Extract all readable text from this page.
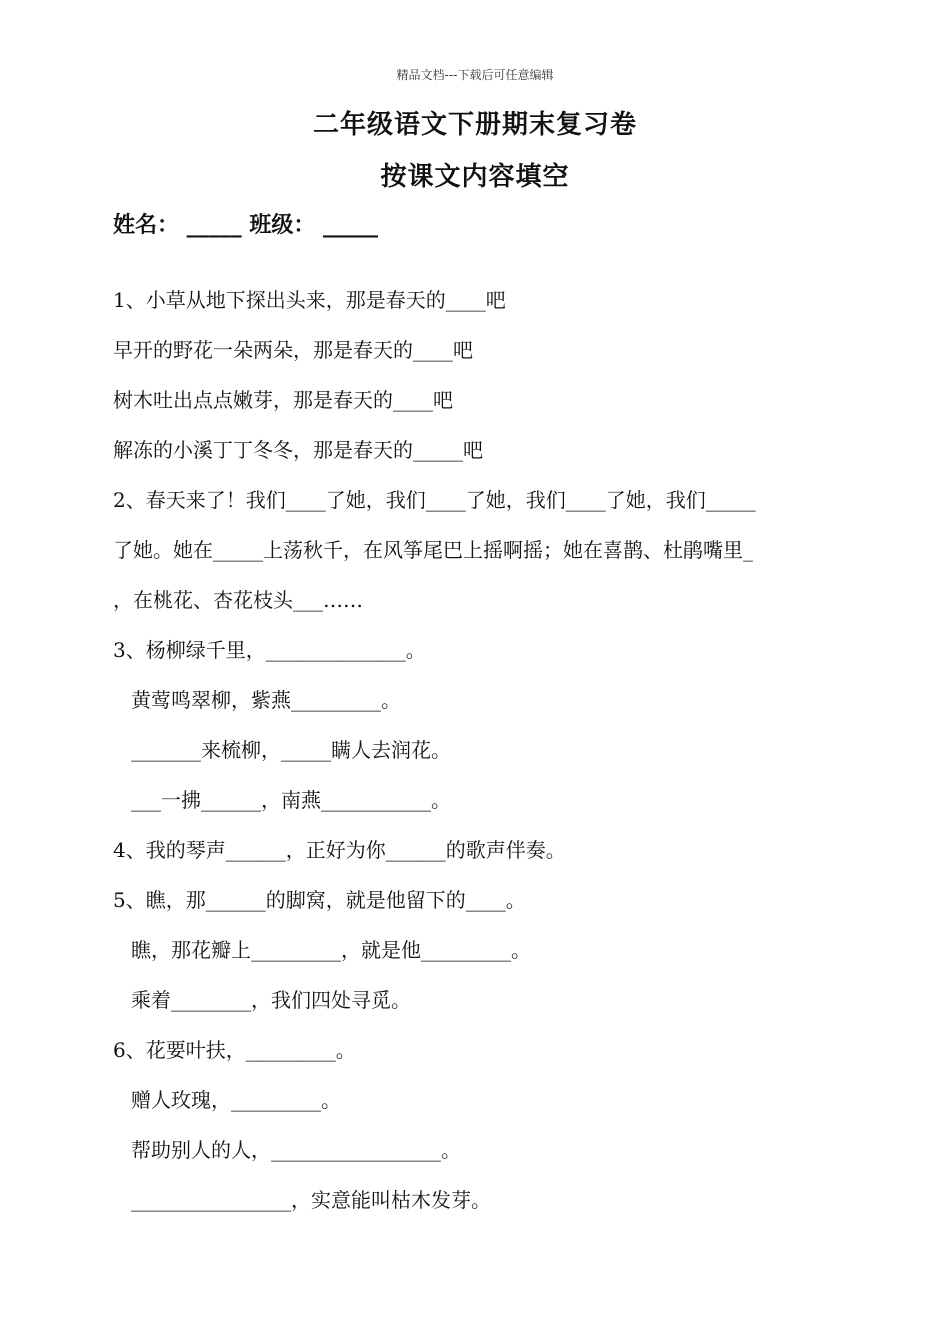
精品文档---下载后可任意编辑
二年级语文下册期末复习卷
按课文内容填空
姓名： _____ 班级： _____
1、小草从地下探出头来，那是春天的____吧
早开的野花一朵两朵，那是春天的____吧
树木吐出点点嫩芽，那是春天的____吧
解冻的小溪丁丁冬冬，那是春天的_____吧
2、春天来了！我们____了她，我们____了她，我们____了她，我们_____
了她。她在_____上荡秋千，在风筝尾巴上摇啊摇；她在喜鹊、杜鹃嘴里_
，在桃花、杏花枝头___……
3、杨柳绿千里，______________。
黄莺鸣翠柳，紫燕_________。
_______来梳柳，_____瞒人去润花。
___一拂______，南燕___________。
4、我的琴声______，正好为你______的歌声伴奏。
5、瞧，那______的脚窝，就是他留下的____。
瞧，那花瓣上_________，就是他_________。
乘着________，我们四处寻觅。
6、花要叶扶，_________。
赠人玫瑰，_________。
帮助别人的人，_________________。
________________，实意能叫枯木发芽。
